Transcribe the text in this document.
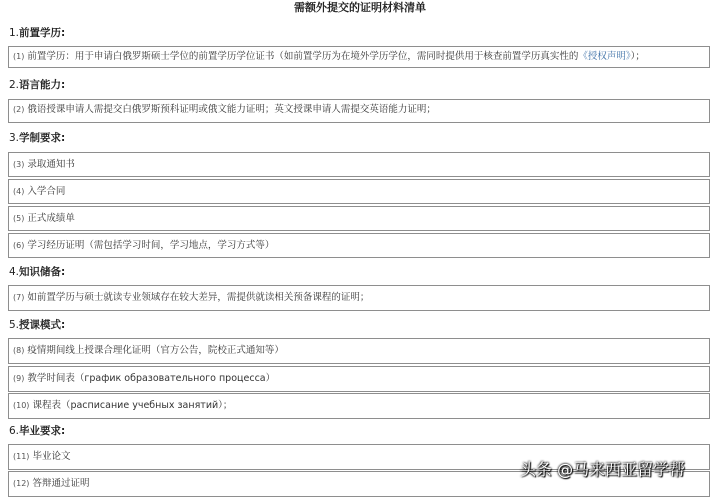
需额外提交的证明材料清单
1.前置学历:
(1) 前置学历：用于申请白俄罗斯硕士学位的前置学历学位证书（如前置学历为在境外学历学位，需同时提供用于核查前置学历真实性的《授权声明》）；
2.语言能力:
(2) 俄语授课申请人需提交白俄罗斯预科证明或俄文能力证明；英文授课申请人需提交英语能力证明；
3.学制要求:
(3) 录取通知书
(4) 入学合同
(5) 正式成绩单
(6) 学习经历证明（需包括学习时间，学习地点，学习方式等）
4.知识储备:
(7) 如前置学历与硕士就读专业领域存在较大差异，需提供就读相关预备课程的证明；
5.授课模式:
(8) 疫情期间线上授课合理化证明（官方公告，院校正式通知等）
(9) 教学时间表（график образовательного процесса）
(10) 课程表（расписание учебных занятий）；
6.毕业要求:
(11) 毕业论文
(12) 答辩通过证明
头条 @马来西亚留学帮
